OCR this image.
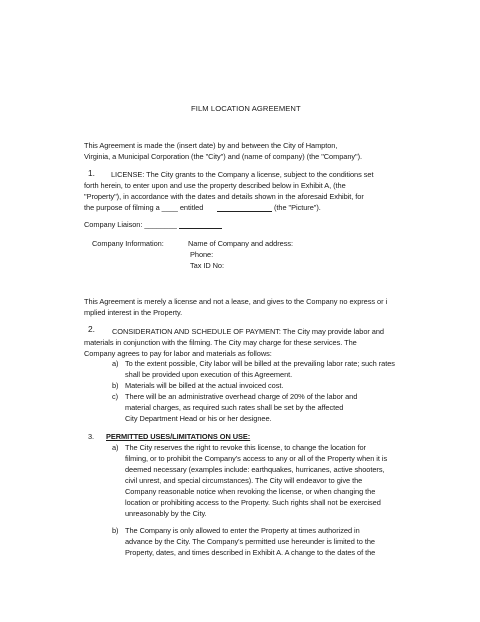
FILM LOCATION AGREEMENT
This Agreement is made the (insert date) by and between the City of Hampton,
Virginia, a Municipal Corporation (the "City") and (name of company) (the "Company").
1. LICENSE: The City grants to the Company a license, subject to the conditions set
forth herein, to enter upon and use the property described below in Exhibit A, (the
"Property"), in accordance with the dates and details shown in the aforesaid Exhibit, for
the purpose of filming a ____ entitled	(the "Picture").
Company Liaison: ________
Company Information:	Name of Company and address:
Phone:
Tax ID No:
This Agreement is merely a license and not a lease, and gives to the Company no express or i
mplied interest in the Property.
2. CONSIDERATION AND SCHEDULE OF PAYMENT: The City may provide labor and
materials in conjunction with the filming. The City may charge for these services. The
Company agrees to pay for labor and materials as follows:
a) To the extent possible, City labor will be billed at the prevailing labor rate; such rates
shall be provided upon execution of this Agreement.
b) Materials will be billed at the actual invoiced cost.
c) There will be an administrative overhead charge of 20% of the labor and
material charges, as required such rates shall be set by the affected
City Department Head or his or her designee.
3. PERMITTED USES/LIMITATIONS ON USE:
a) The City reserves the right to revoke this license, to change the location for
filming, or to prohibit the Company's access to any or all of the Property when it is
deemed necessary (examples include: earthquakes, hurricanes, active shooters,
civil unrest, and special circumstances). The City will endeavor to give the
Company reasonable notice when revoking the license, or when changing the
location or prohibiting access to the Property. Such rights shall not be exercised
unreasonably by the City.
b) The Company is only allowed to enter the Property at times authorized in
advance by the City. The Company's permitted use hereunder is limited to the
Property, dates, and times described in Exhibit A. A change to the dates of the
